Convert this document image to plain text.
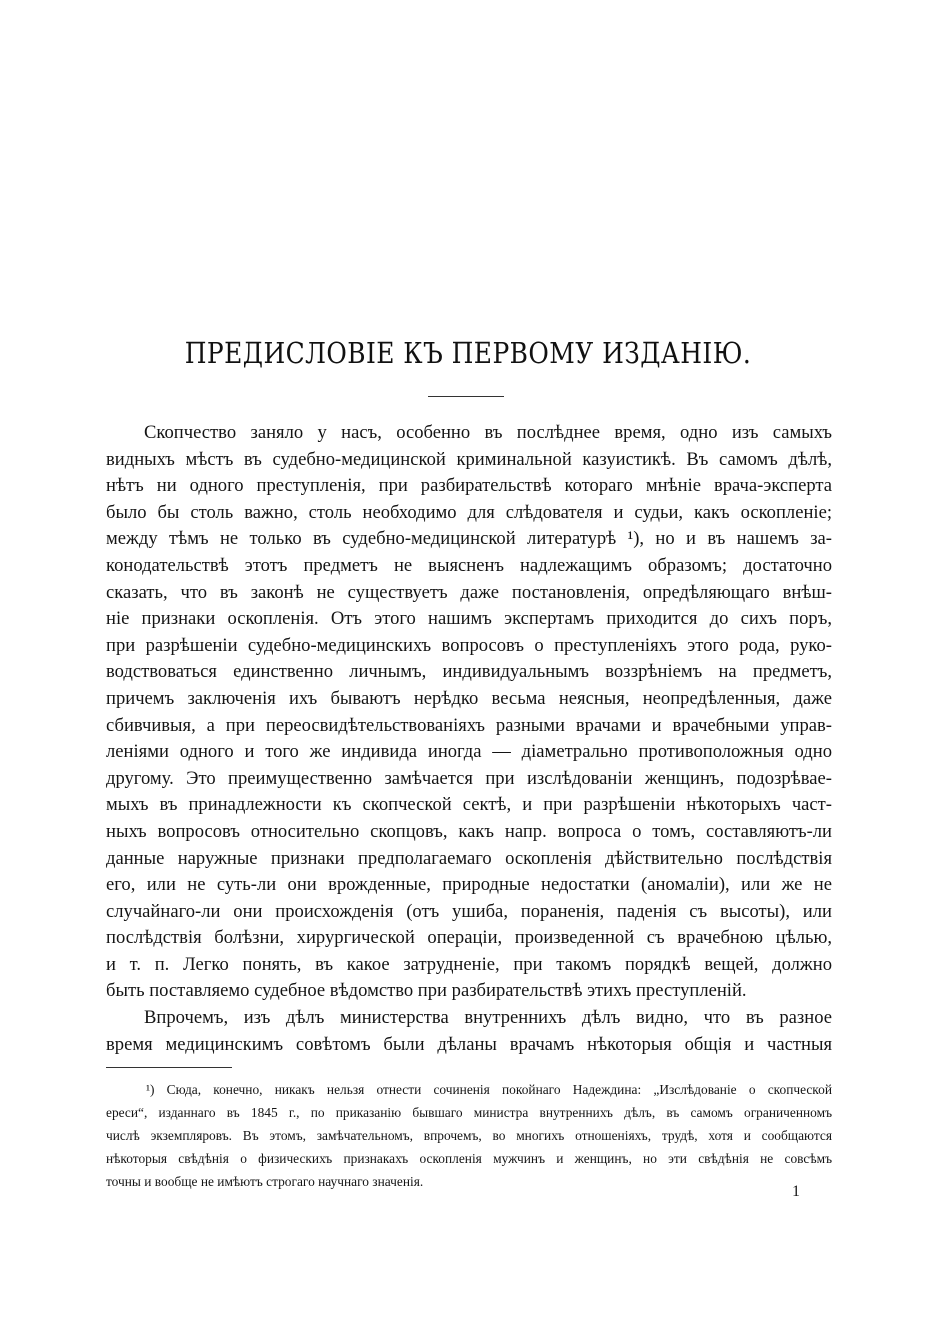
ПРЕДИСЛОВІЕ КЪ ПЕРВОМУ ИЗДАНІЮ.
Скопчество заняло у насъ, особенно въ послѣднее время, одно изъ самыхъ
видныхъ мѣстъ въ судебно-медицинской криминальной казуистикѣ. Въ самомъ дѣлѣ,
нѣтъ ни одного преступленія, при разбирательствѣ котораго мнѣніе врача-эксперта
было бы столь важно, столь необходимо для слѣдователя и судьи, какъ оскопленіе;
между тѣмъ не только въ судебно-медицинской литературѣ ¹), но и въ нашемъ за-
конодательствѣ этотъ предметъ не выясненъ надлежащимъ образомъ; достаточно
сказать, что въ законѣ не существуетъ даже постановленія, опредѣляющаго внѣш-
ніе признаки оскопленія. Отъ этого нашимъ экспертамъ приходится до сихъ поръ,
при разрѣшеніи судебно-медицинскихъ вопросовъ о преступленіяхъ этого рода, руко-
водствоваться единственно личнымъ, индивидуальнымъ воззрѣніемъ на предметъ,
причемъ заключенія ихъ бываютъ нерѣдко весьма неясныя, неопредѣленныя, даже
сбивчивыя, а при переосвидѣтельствованіяхъ разными врачами и врачебными управ-
леніями одного и того же индивида иногда — діаметрально противоположныя одно
другому. Это преимущественно замѣчается при изслѣдованіи женщинъ, подозрѣвае-
мыхъ въ принадлежности къ скопческой сектѣ, и при разрѣшеніи нѣкоторыхъ част-
ныхъ вопросовъ относительно скопцовъ, какъ напр. вопроса о томъ, составляютъ-ли
данные наружные признаки предполагаемаго оскопленія дѣйствительно послѣдствія
его, или не суть-ли они врожденные, природные недостатки (аномаліи), или же не
случайнаго-ли они происхожденія (отъ ушиба, пораненія, паденія съ высоты), или
послѣдствія болѣзни, хирургической операціи, произведенной съ врачебною цѣлью,
и т. п. Легко понять, въ какое затрудненіе, при такомъ порядкѣ вещей, должно
быть поставляемо судебное вѣдомство при разбирательствѣ этихъ преступленій.
Впрочемъ, изъ дѣлъ министерства внутреннихъ дѣлъ видно, что въ разное
время медицинскимъ совѣтомъ были дѣланы врачамъ нѣкоторыя общія и частныя
¹) Сюда, конечно, никакъ нельзя отнести сочиненія покойнаго Надеждина: „Изслѣдованіе о скопческой
ереси“, изданнаго въ 1845 г., по приказанію бывшаго министра внутреннихъ дѣлъ, въ самомъ ограниченномъ
числѣ экземпляровъ. Въ этомъ, замѣчательномъ, впрочемъ, во многихъ отношеніяхъ, трудѣ, хотя и сообщаются
нѣкоторыя свѣдѣнія о физическихъ признакахъ оскопленія мужчинъ и женщинъ, но эти свѣдѣнія не совсѣмъ
точны и вообще не имѣютъ строгаго научнаго значенія.
1
